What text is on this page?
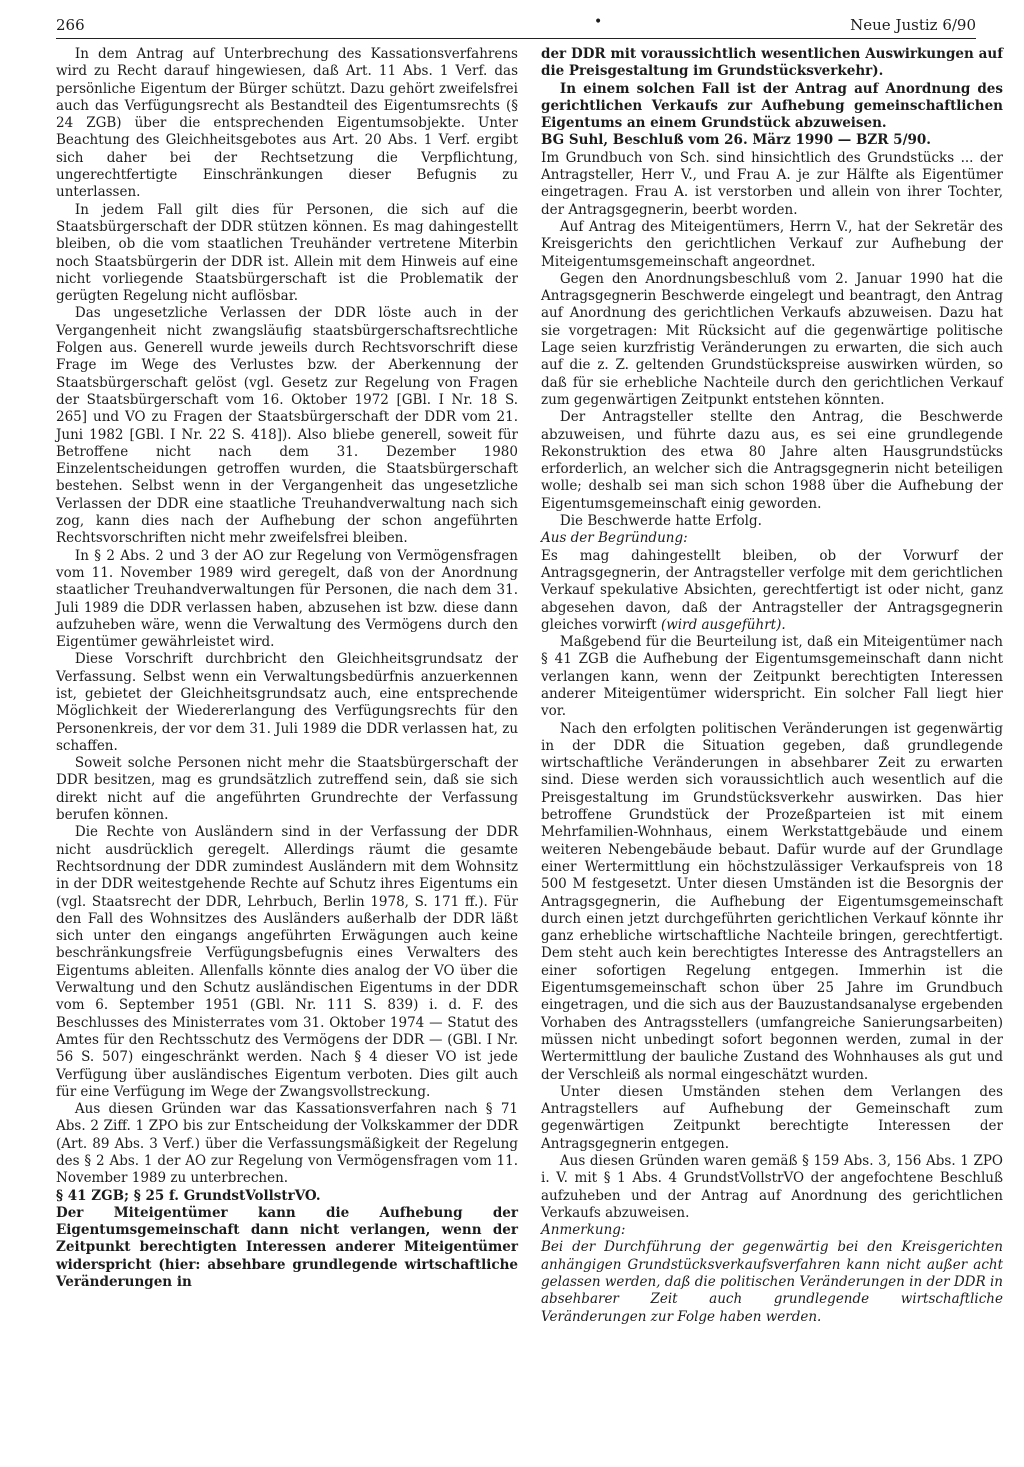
266	•	Neue Justiz 6/90

In dem Antrag auf Unterbrechung des Kassationsverfahrens wird zu Recht darauf hingewiesen, daß Art. 11 Abs. 1 Verf. das persönliche Eigentum der Bürger schützt. Dazu gehört zweifelsfrei auch das Verfügungsrecht als Bestandteil des Eigentumsrechts (§ 24 ZGB) über die entsprechenden Eigentumsobjekte. Unter Beachtung des Gleichheitsgebotes aus Art. 20 Abs. 1 Verf. ergibt sich daher bei der Rechtsetzung die Verpflichtung, ungerechtfertigte Einschränkungen dieser Befugnis zu unterlassen.

In jedem Fall gilt dies für Personen, die sich auf die Staatsbürgerschaft der DDR stützen können. Es mag dahingestellt bleiben, ob die vom staatlichen Treuhänder vertretene Miterbin noch Staatsbürgerin der DDR ist. Allein mit dem Hinweis auf eine nicht vorliegende Staatsbürgerschaft ist die Problematik der gerügten Regelung nicht auflösbar.

Das ungesetzliche Verlassen der DDR löste auch in der Vergangenheit nicht zwangsläufig staatsbürgerschaftsrechtliche Folgen aus. Generell wurde jeweils durch Rechtsvorschrift diese Frage im Wege des Verlustes bzw. der Aberkennung der Staatsbürgerschaft gelöst (vgl. Gesetz zur Regelung von Fragen der Staatsbürgerschaft vom 16. Oktober 1972 [GBl. I Nr. 18 S. 265] und VO zu Fragen der Staatsbürgerschaft der DDR vom 21. Juni 1982 [GBl. I Nr. 22 S. 418]). Also bliebe generell, soweit für Betroffene nicht nach dem 31. Dezember 1980 Einzelentscheidungen getroffen wurden, die Staatsbürgerschaft bestehen. Selbst wenn in der Vergangenheit das ungesetzliche Verlassen der DDR eine staatliche Treuhandverwaltung nach sich zog, kann dies nach der Aufhebung der schon angeführten Rechtsvorschriften nicht mehr zweifelsfrei bleiben.

In § 2 Abs. 2 und 3 der AO zur Regelung von Vermögensfragen vom 11. November 1989 wird geregelt, daß von der Anordnung staatlicher Treuhandverwaltungen für Personen, die nach dem 31. Juli 1989 die DDR verlassen haben, abzusehen ist bzw. diese dann aufzuheben wäre, wenn die Verwaltung des Vermögens durch den Eigentümer gewährleistet wird.

Diese Vorschrift durchbricht den Gleichheitsgrundsatz der Verfassung. Selbst wenn ein Verwaltungsbedürfnis anzuerkennen ist, gebietet der Gleichheitsgrundsatz auch, eine entsprechende Möglichkeit der Wiedererlangung des Verfügungsrechts für den Personenkreis, der vor dem 31. Juli 1989 die DDR verlassen hat, zu schaffen.

Soweit solche Personen nicht mehr die Staatsbürgerschaft der DDR besitzen, mag es grundsätzlich zutreffend sein, daß sie sich direkt nicht auf die angeführten Grundrechte der Verfassung berufen können.

Die Rechte von Ausländern sind in der Verfassung der DDR nicht ausdrücklich geregelt. Allerdings räumt die gesamte Rechtsordnung der DDR zumindest Ausländern mit dem Wohnsitz in der DDR weitestgehende Rechte auf Schutz ihres Eigentums ein (vgl. Staatsrecht der DDR, Lehrbuch, Berlin 1978, S. 171 ff.). Für den Fall des Wohnsitzes des Ausländers außerhalb der DDR läßt sich unter den eingangs angeführten Erwägungen auch keine beschränkungsfreie Verfügungsbefugnis eines Verwalters des Eigentums ableiten. Allenfalls könnte dies analog der VO über die Verwaltung und den Schutz ausländischen Eigentums in der DDR vom 6. September 1951 (GBl. Nr. 111 S. 839) i. d. F. des Beschlusses des Ministerrates vom 31. Oktober 1974 — Statut des Amtes für den Rechtsschutz des Vermögens der DDR — (GBl. I Nr. 56 S. 507) eingeschränkt werden. Nach § 4 dieser VO ist jede Verfügung über ausländisches Eigentum verboten. Dies gilt auch für eine Verfügung im Wege der Zwangsvollstreckung.

Aus diesen Gründen war das Kassationsverfahren nach § 71 Abs. 2 Ziff. 1 ZPO bis zur Entscheidung der Volkskammer der DDR (Art. 89 Abs. 3 Verf.) über die Verfassungsmäßigkeit der Regelung des § 2 Abs. 1 der AO zur Regelung von Vermögensfragen vom 11. November 1989 zu unterbrechen.

§ 41 ZGB; § 25 f. GrundstVollstrVO.

Der Miteigentümer kann die Aufhebung der Eigentumsgemeinschaft dann nicht verlangen, wenn der Zeitpunkt berechtigten Interessen anderer Miteigentümer widerspricht (hier: absehbare grundlegende wirtschaftliche Veränderungen in

der DDR mit voraussichtlich wesentlichen Auswirkungen auf die Preisgestaltung im Grundstücksverkehr).

In einem solchen Fall ist der Antrag auf Anordnung des gerichtlichen Verkaufs zur Aufhebung gemeinschaftlichen Eigentums an einem Grundstück abzuweisen.

BG Suhl, Beschluß vom 26. März 1990 — BZR 5/90.

Im Grundbuch von Sch. sind hinsichtlich des Grundstücks ... der Antragsteller, Herr V., und Frau A. je zur Hälfte als Eigentümer eingetragen. Frau A. ist verstorben und allein von ihrer Tochter, der Antragsgegnerin, beerbt worden.

Auf Antrag des Miteigentümers, Herrn V., hat der Sekretär des Kreisgerichts den gerichtlichen Verkauf zur Aufhebung der Miteigentumsgemeinschaft angeordnet.

Gegen den Anordnungsbeschluß vom 2. Januar 1990 hat die Antragsgegnerin Beschwerde eingelegt und beantragt, den Antrag auf Anordnung des gerichtlichen Verkaufs abzuweisen. Dazu hat sie vorgetragen: Mit Rücksicht auf die gegenwärtige politische Lage seien kurzfristig Veränderungen zu erwarten, die sich auch auf die z. Z. geltenden Grundstückspreise auswirken würden, so daß für sie erhebliche Nachteile durch den gerichtlichen Verkauf zum gegenwärtigen Zeitpunkt entstehen könnten.

Der Antragsteller stellte den Antrag, die Beschwerde abzuweisen, und führte dazu aus, es sei eine grundlegende Rekonstruktion des etwa 80 Jahre alten Hausgrundstücks erforderlich, an welcher sich die Antragsgegnerin nicht beteiligen wolle; deshalb sei man sich schon 1988 über die Aufhebung der Eigentumsgemeinschaft einig geworden.

Die Beschwerde hatte Erfolg.

Aus der Begründung:

Es mag dahingestellt bleiben, ob der Vorwurf der Antragsgegnerin, der Antragsteller verfolge mit dem gerichtlichen Verkauf spekulative Absichten, gerechtfertigt ist oder nicht, ganz abgesehen davon, daß der Antragsteller der Antragsgegnerin gleiches vorwirft (wird ausgeführt).

Maßgebend für die Beurteilung ist, daß ein Miteigentümer nach § 41 ZGB die Aufhebung der Eigentumsgemeinschaft dann nicht verlangen kann, wenn der Zeitpunkt berechtigten Interessen anderer Miteigentümer widerspricht. Ein solcher Fall liegt hier vor.

Nach den erfolgten politischen Veränderungen ist gegenwärtig in der DDR die Situation gegeben, daß grundlegende wirtschaftliche Veränderungen in absehbarer Zeit zu erwarten sind. Diese werden sich voraussichtlich auch wesentlich auf die Preisgestaltung im Grundstücksverkehr auswirken. Das hier betroffene Grundstück der Prozeßparteien ist mit einem Mehrfamilien-Wohnhaus, einem Werkstattgebäude und einem weiteren Nebengebäude bebaut. Dafür wurde auf der Grundlage einer Wertermittlung ein höchstzulässiger Verkaufspreis von 18 500 M festgesetzt. Unter diesen Umständen ist die Besorgnis der Antragsgegnerin, die Aufhebung der Eigentumsgemeinschaft durch einen jetzt durchgeführten gerichtlichen Verkauf könnte ihr ganz erhebliche wirtschaftliche Nachteile bringen, gerechtfertigt. Dem steht auch kein berechtigtes Interesse des Antragstellers an einer sofortigen Regelung entgegen. Immerhin ist die Eigentumsgemeinschaft schon über 25 Jahre im Grundbuch eingetragen, und die sich aus der Bauzustandsanalyse ergebenden Vorhaben des Antragsstellers (umfangreiche Sanierungsarbeiten) müssen nicht unbedingt sofort begonnen werden, zumal in der Wertermittlung der bauliche Zustand des Wohnhauses als gut und der Verschleiß als normal eingeschätzt wurden.

Unter diesen Umständen stehen dem Verlangen des Antragstellers auf Aufhebung der Gemeinschaft zum gegenwärtigen Zeitpunkt berechtigte Interessen der Antragsgegnerin entgegen.

Aus diesen Gründen waren gemäß § 159 Abs. 3, 156 Abs. 1 ZPO i. V. mit § 1 Abs. 4 GrundstVollstrVO der angefochtene Beschluß aufzuheben und der Antrag auf Anordnung des gerichtlichen Verkaufs abzuweisen.

Anmerkung:

Bei der Durchführung der gegenwärtig bei den Kreisgerichten anhängigen Grundstücksverkaufsverfahren kann nicht außer acht gelassen werden, daß die politischen Veränderungen in der DDR in absehbarer Zeit auch grundlegende wirtschaftliche Veränderungen zur Folge haben werden.
